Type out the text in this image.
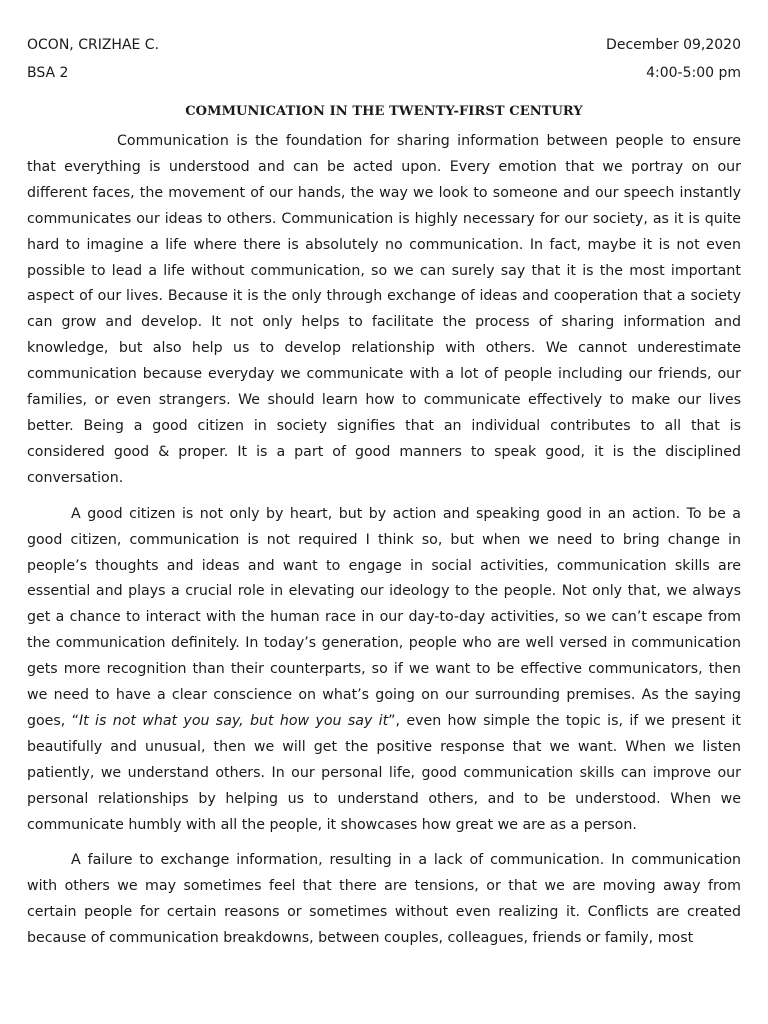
OCON, CRIZHAE C.	December 09,2020
BSA 2	4:00-5:00 pm
COMMUNICATION IN THE TWENTY-FIRST CENTURY

Communication is the foundation for sharing information between people to ensure that everything is understood and can be acted upon. Every emotion that we portray on our different faces, the movement of our hands, the way we look to someone and our speech instantly communicates our ideas to others. Communication is highly necessary for our society, as it is quite hard to imagine a life where there is absolutely no communication. In fact, maybe it is not even possible to lead a life without communication, so we can surely say that it is the most important aspect of our lives. Because it is the only through exchange of ideas and cooperation that a society can grow and develop. It not only helps to facilitate the process of sharing information and knowledge, but also help us to develop relationship with others. We cannot underestimate communication because everyday we communicate with a lot of people including our friends, our families, or even strangers. We should learn how to communicate effectively to make our lives better. Being a good citizen in society signifies that an individual contributes to all that is considered good & proper. It is a part of good manners to speak good, it is the disciplined conversation.

A good citizen is not only by heart, but by action and speaking good in an action. To be a good citizen, communication is not required I think so, but when we need to bring change in people’s thoughts and ideas and want to engage in social activities, communication skills are essential and plays a crucial role in elevating our ideology to the people. Not only that, we always get a chance to interact with the human race in our day-to-day activities, so we can’t escape from the communication definitely. In today’s generation, people who are well versed in communication gets more recognition than their counterparts, so if we want to be effective communicators, then we need to have a clear conscience on what’s going on our surrounding premises. As the saying goes, “It is not what you say, but how you say it”, even how simple the topic is, if we present it beautifully and unusual, then we will get the positive response that we want. When we listen patiently, we understand others. In our personal life, good communication skills can improve our personal relationships by helping us to understand others, and to be understood. When we communicate humbly with all the people, it showcases how great we are as a person.

A failure to exchange information, resulting in a lack of communication. In communication with others we may sometimes feel that there are tensions, or that we are moving away from certain people for certain reasons or sometimes without even realizing it. Conflicts are created because of communication breakdowns, between couples, colleagues, friends or family, most
